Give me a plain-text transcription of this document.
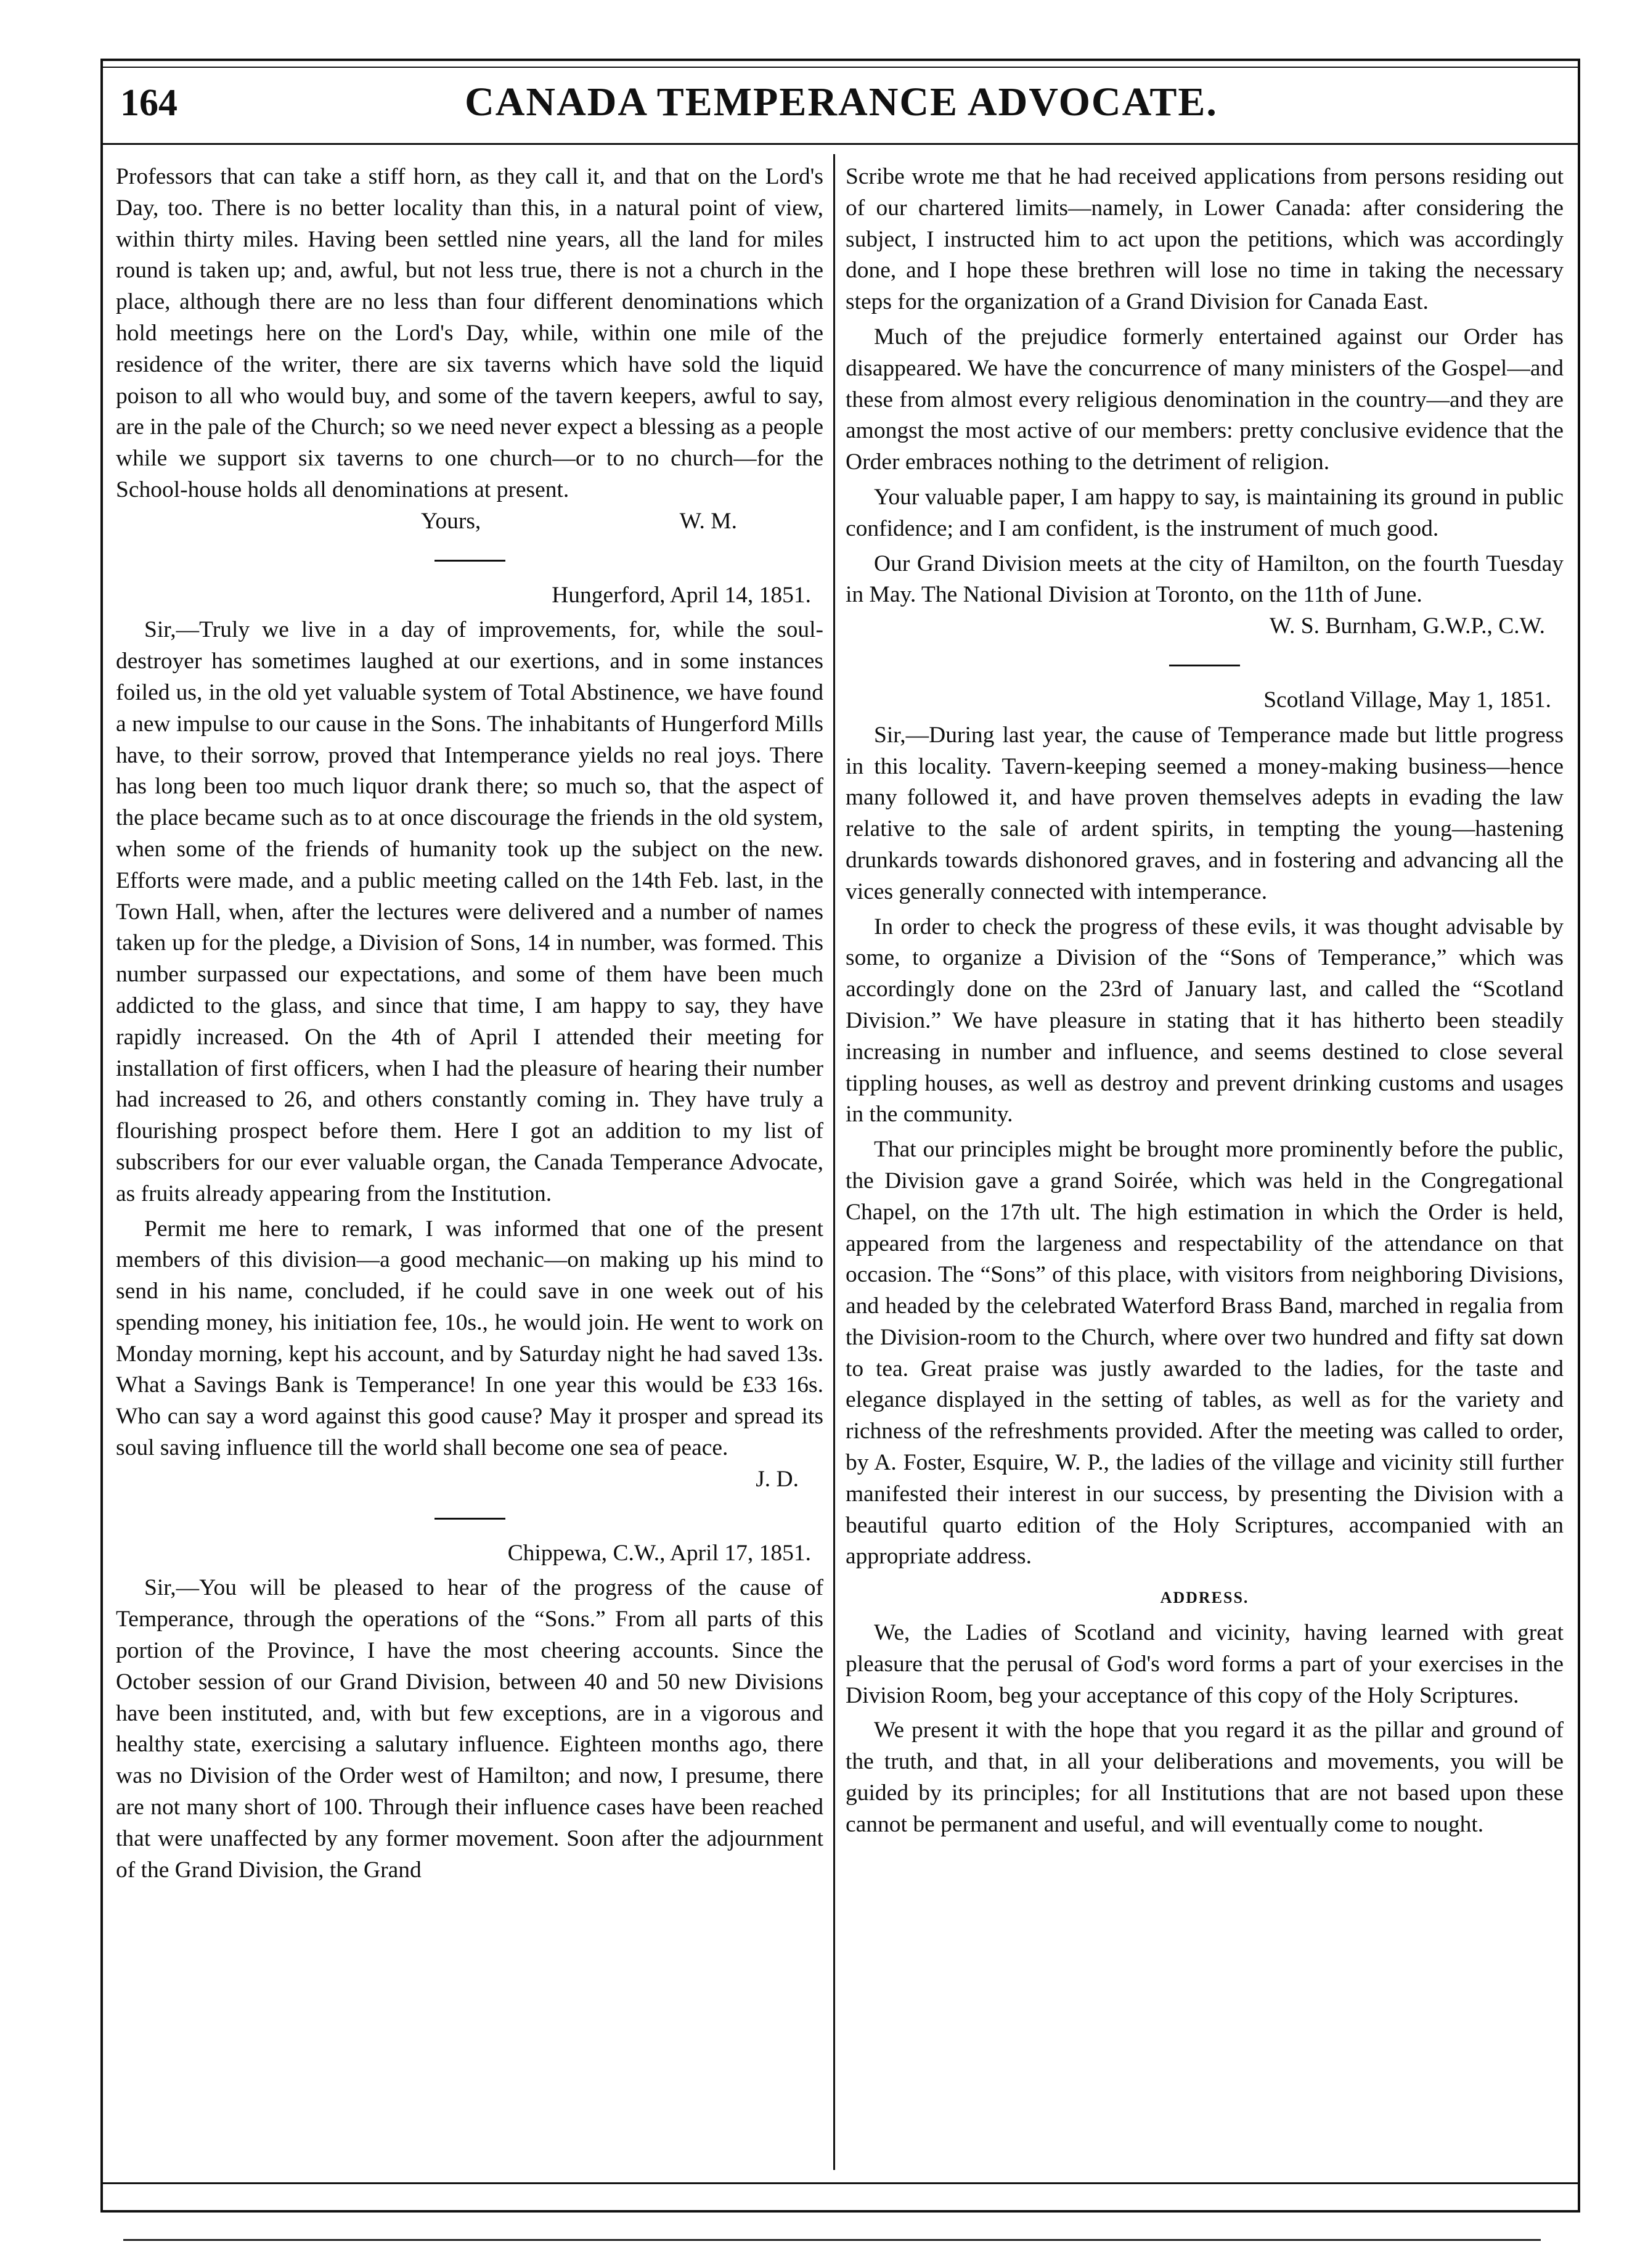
164	CANADA TEMPERANCE ADVOCATE.

Professors that can take a stiff horn, as they call it, and that on the Lord's Day, too. There is no better locality than this, in a natural point of view, within thirty miles. Having been settled nine years, all the land for miles round is taken up; and, awful, but not less true, there is not a church in the place, although there are no less than four different denominations which hold meetings here on the Lord's Day, while, within one mile of the residence of the writer, there are six taverns which have sold the liquid poison to all who would buy, and some of the tavern keepers, awful to say, are in the pale of the Church; so we need never expect a blessing as a people while we support six taverns to one church—or to no church—for the School-house holds all denominations at present.

Yours,	W. M.

Hungerford, April 14, 1851.

Sir,—Truly we live in a day of improvements, for, while the soul-destroyer has sometimes laughed at our exertions, and in some instances foiled us, in the old yet valuable system of Total Abstinence, we have found a new impulse to our cause in the Sons. The inhabitants of Hungerford Mills have, to their sorrow, proved that Intemperance yields no real joys. There has long been too much liquor drank there; so much so, that the aspect of the place became such as to at once discourage the friends in the old system, when some of the friends of humanity took up the subject on the new. Efforts were made, and a public meeting called on the 14th Feb. last, in the Town Hall, when, after the lectures were delivered and a number of names taken up for the pledge, a Division of Sons, 14 in number, was formed. This number surpassed our expectations, and some of them have been much addicted to the glass, and since that time, I am happy to say, they have rapidly increased. On the 4th of April I attended their meeting for installation of first officers, when I had the pleasure of hearing their number had increased to 26, and others constantly coming in. They have truly a flourishing prospect before them. Here I got an addition to my list of subscribers for our ever valuable organ, the Canada Temperance Advocate, as fruits already appearing from the Institution.

Permit me here to remark, I was informed that one of the present members of this division—a good mechanic—on making up his mind to send in his name, concluded, if he could save in one week out of his spending money, his initiation fee, 10s., he would join. He went to work on Monday morning, kept his account, and by Saturday night he had saved 13s. What a Savings Bank is Temperance! In one year this would be £33 16s. Who can say a word against this good cause? May it prosper and spread its soul saving influence till the world shall become one sea of peace.

J. D.

Chippewa, C.W., April 17, 1851.

Sir,—You will be pleased to hear of the progress of the cause of Temperance, through the operations of the “Sons.” From all parts of this portion of the Province, I have the most cheering accounts. Since the October session of our Grand Division, between 40 and 50 new Divisions have been instituted, and, with but few exceptions, are in a vigorous and healthy state, exercising a salutary influence. Eighteen months ago, there was no Division of the Order west of Hamilton; and now, I presume, there are not many short of 100. Through their influence cases have been reached that were unaffected by any former movement. Soon after the adjournment of the Grand Division, the Grand

Scribe wrote me that he had received applications from persons residing out of our chartered limits—namely, in Lower Canada: after considering the subject, I instructed him to act upon the petitions, which was accordingly done, and I hope these brethren will lose no time in taking the necessary steps for the organization of a Grand Division for Canada East.

Much of the prejudice formerly entertained against our Order has disappeared. We have the concurrence of many ministers of the Gospel—and these from almost every religious denomination in the country—and they are amongst the most active of our members: pretty conclusive evidence that the Order embraces nothing to the detriment of religion.

Your valuable paper, I am happy to say, is maintaining its ground in public confidence; and I am confident, is the instrument of much good.

Our Grand Division meets at the city of Hamilton, on the fourth Tuesday in May. The National Division at Toronto, on the 11th of June.

W. S. Burnham, G.W.P., C.W.

Scotland Village, May 1, 1851.

Sir,—During last year, the cause of Temperance made but little progress in this locality. Tavern-keeping seemed a money-making business—hence many followed it, and have proven themselves adepts in evading the law relative to the sale of ardent spirits, in tempting the young—hastening drunkards towards dishonored graves, and in fostering and advancing all the vices generally connected with intemperance.

In order to check the progress of these evils, it was thought advisable by some, to organize a Division of the “Sons of Temperance,” which was accordingly done on the 23rd of January last, and called the “Scotland Division.” We have pleasure in stating that it has hitherto been steadily increasing in number and influence, and seems destined to close several tippling houses, as well as destroy and prevent drinking customs and usages in the community.

That our principles might be brought more prominently before the public, the Division gave a grand Soirée, which was held in the Congregational Chapel, on the 17th ult. The high estimation in which the Order is held, appeared from the largeness and respectability of the attendance on that occasion. The “Sons” of this place, with visitors from neighboring Divisions, and headed by the celebrated Waterford Brass Band, marched in regalia from the Division-room to the Church, where over two hundred and fifty sat down to tea. Great praise was justly awarded to the ladies, for the taste and elegance displayed in the setting of tables, as well as for the variety and richness of the refreshments provided. After the meeting was called to order, by A. Foster, Esquire, W. P., the ladies of the village and vicinity still further manifested their interest in our success, by presenting the Division with a beautiful quarto edition of the Holy Scriptures, accompanied with an appropriate address.

ADDRESS.

We, the Ladies of Scotland and vicinity, having learned with great pleasure that the perusal of God's word forms a part of your exercises in the Division Room, beg your acceptance of this copy of the Holy Scriptures.

We present it with the hope that you regard it as the pillar and ground of the truth, and that, in all your deliberations and movements, you will be guided by its principles; for all Institutions that are not based upon these cannot be permanent and useful, and will eventually come to nought.
